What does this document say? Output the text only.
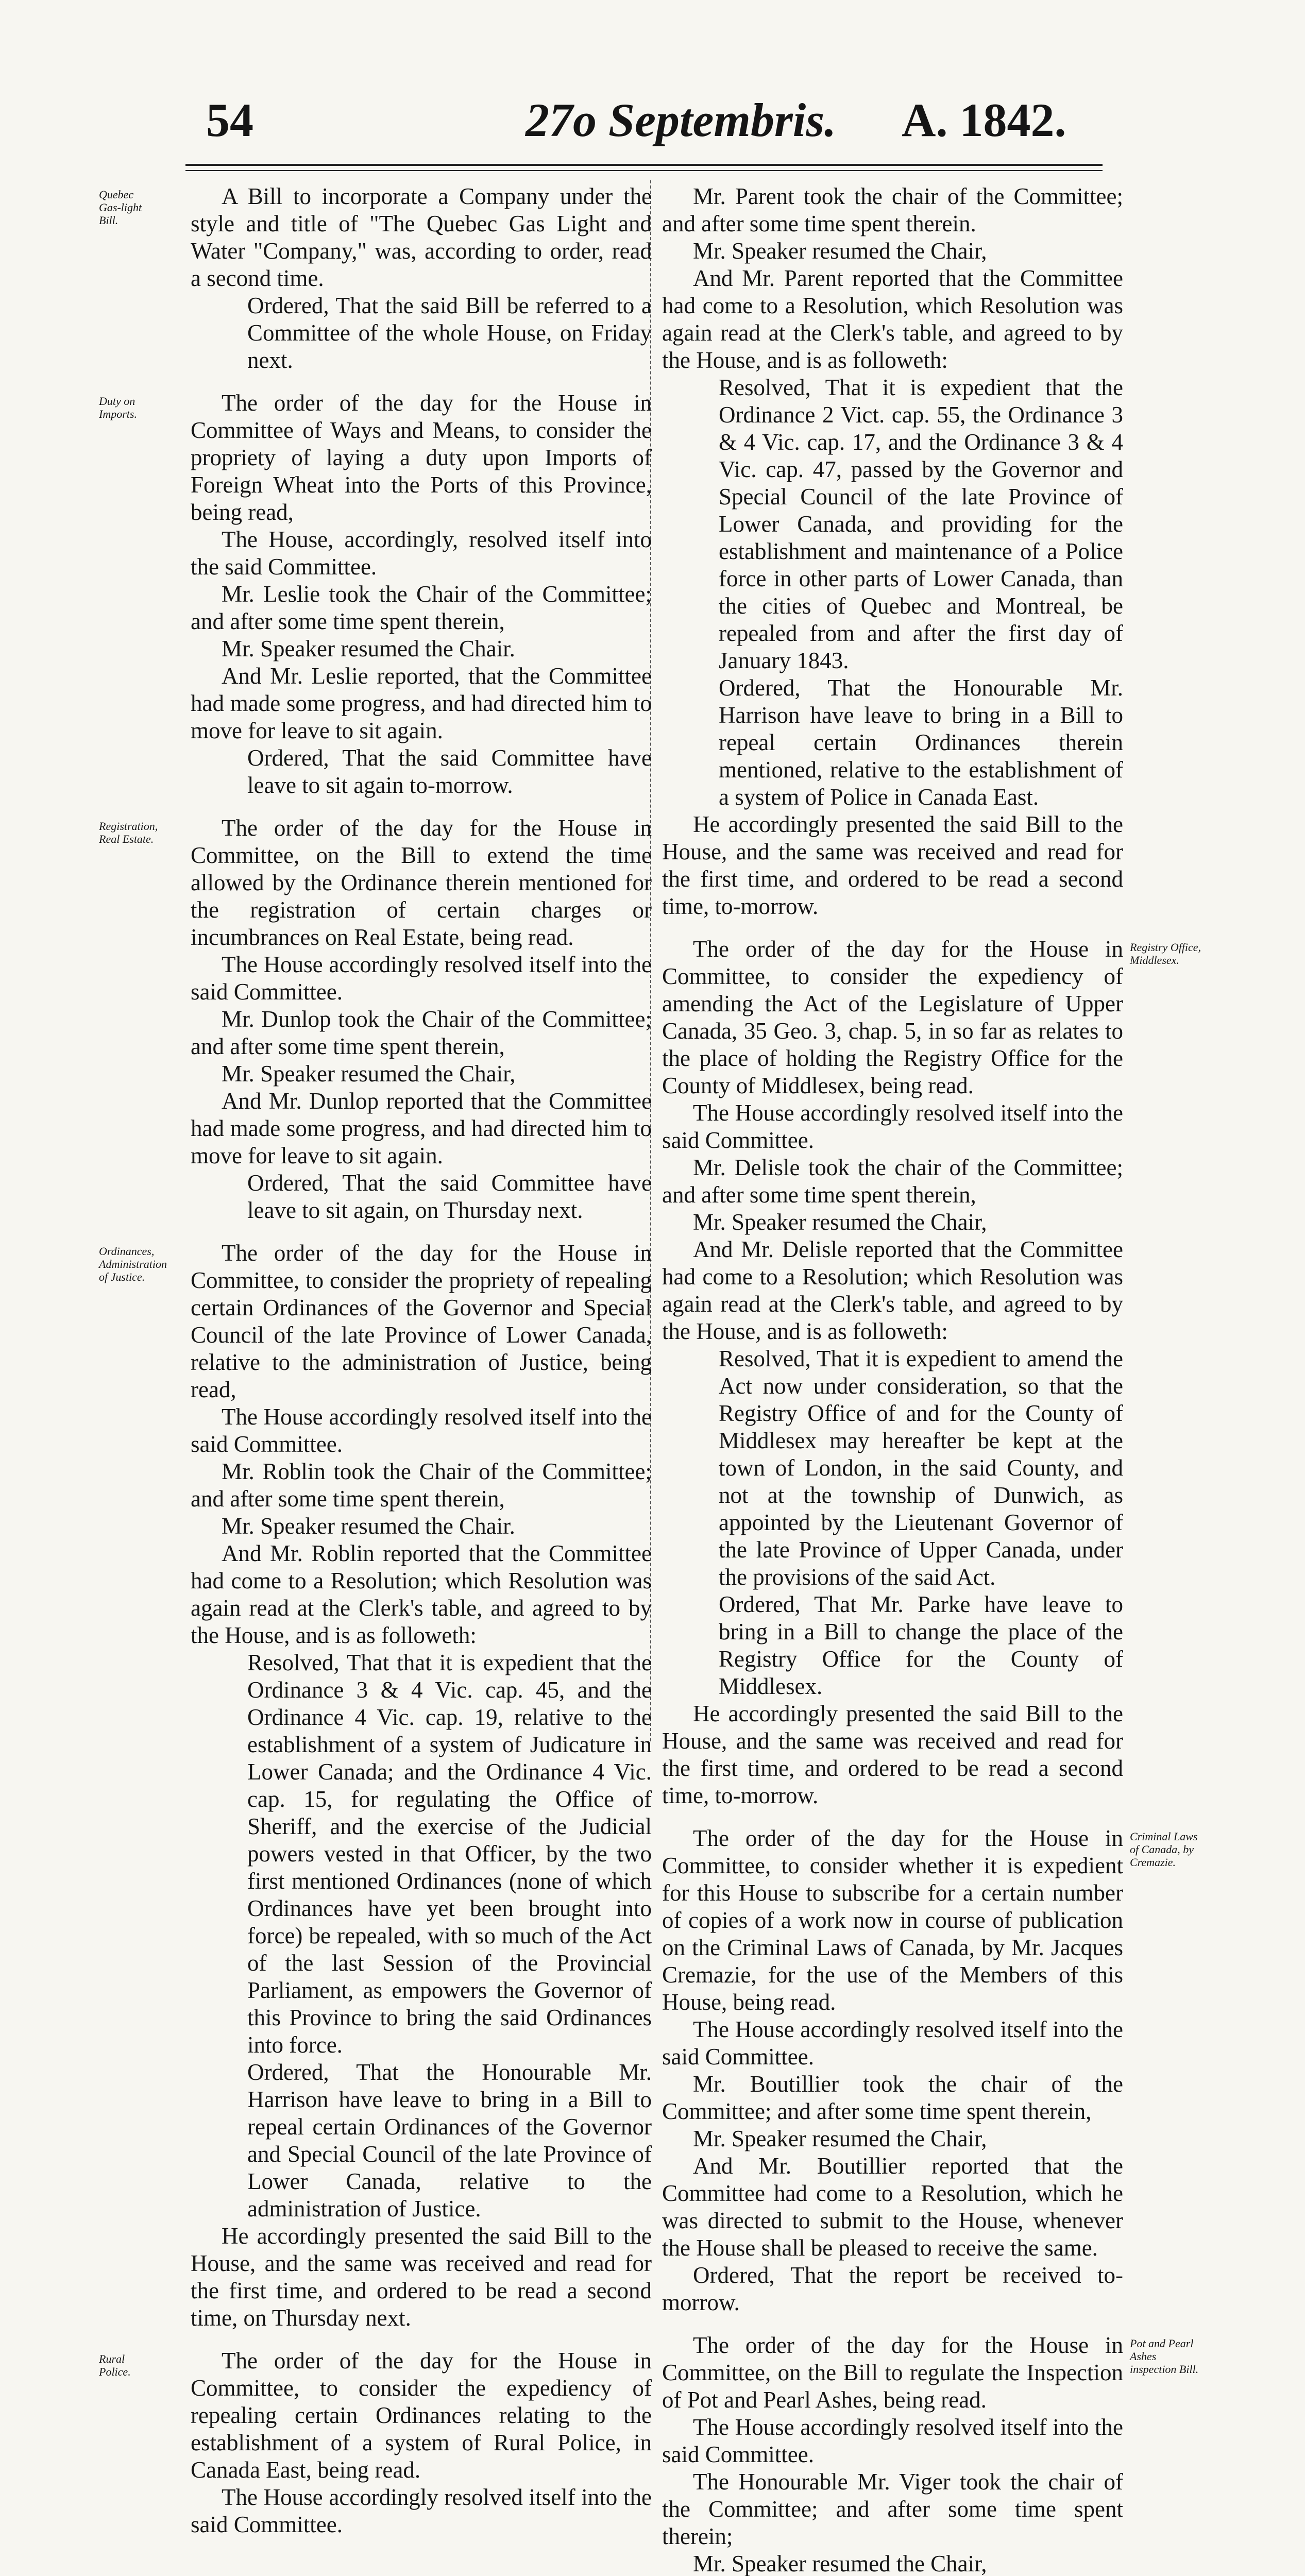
54	27o Septembris. A. 1842.
Quebec Gas-light Bill.

A Bill to incorporate a Company under the style and title of "The Quebec Gas Light and Water "Company," was, according to order, read a second time.

Ordered, That the said Bill be referred to a Committee of the whole House, on Friday next.

Duty on Imports.	The order of the day for the House in Committee of Ways and Means, to consider the propriety of laying a duty upon Imports of Foreign Wheat into the Ports of this Province, being read,

The House, accordingly, resolved itself into the said Committee.

Mr. Leslie took the Chair of the Committee; and after some time spent therein,

Mr. Speaker resumed the Chair.

And Mr. Leslie reported, that the Committee had made some progress, and had directed him to move for leave to sit again.

Ordered, That the said Committee have leave to sit again to-morrow.

Registration, Real Estate.	The order of the day for the House in Committee, on the Bill to extend the time allowed by the Ordinance therein mentioned for the registration of certain charges or incumbrances on Real Estate, being read.

The House accordingly resolved itself into the said Committee.

Mr. Dunlop took the Chair of the Committee; and after some time spent therein,

Mr. Speaker resumed the Chair,

And Mr. Dunlop reported that the Committee had made some progress, and had directed him to move for leave to sit again.

Ordered, That the said Committee have leave to sit again, on Thursday next.

Ordinances, Administration of Justice.

The order of the day for the House in Committee, to consider the propriety of repealing certain Ordinances of the Governor and Special Council of the late Province of Lower Canada, relative to the administration of Justice, being read,

The House accordingly resolved itself into the said Committee.

Mr. Roblin took the Chair of the Committee; and after some time spent therein,

Mr. Speaker resumed the Chair.

And Mr. Roblin reported that the Committee had come to a Resolution; which Resolution was again read at the Clerk's table, and agreed to by the House, and is as followeth:

Resolved, That that it is expedient that the Ordinance 3 & 4 Vic. cap. 45, and the Ordinance 4 Vic. cap. 19, relative to the establishment of a system of Judicature in Lower Canada; and the Ordinance 4 Vic. cap. 15, for regulating the Office of Sheriff, and the exercise of the Judicial powers vested in that Officer, by the two first mentioned Ordinances (none of which Ordinances have yet been brought into force) be repealed, with so much of the Act of the last Session of the Provincial Parliament, as empowers the Governor of this Province to bring the said Ordinances into force.

Ordered, That the Honourable Mr. Harrison have leave to bring in a Bill to repeal certain Ordinances of the Governor and Special Council of the late Province of Lower Canada, relative to the administration of Justice.

He accordingly presented the said Bill to the House, and the same was received and read for the first time, and ordered to be read a second time, on Thursday next.

Rural Police.	The order of the day for the House in Committee, to consider the expediency of repealing certain Ordinances relating to the establishment of a system of Rural Police, in Canada East, being read.

The House accordingly resolved itself into the said Committee.

Mr. Parent took the chair of the Committee; and after some time spent therein.

Mr. Speaker resumed the Chair,

And Mr. Parent reported that the Committee had come to a Resolution, which Resolution was again read at the Clerk's table, and agreed to by the House, and is as followeth:

Resolved, That it is expedient that the Ordinance 2 Vict. cap. 55, the Ordinance 3 & 4 Vic. cap. 17, and the Ordinance 3 & 4 Vic. cap. 47, passed by the Governor and Special Council of the late Province of Lower Canada, and providing for the establishment and maintenance of a Police force in other parts of Lower Canada, than the cities of Quebec and Montreal, be repealed from and after the first day of January 1843.

Ordered, That the Honourable Mr. Harrison have leave to bring in a Bill to repeal certain Ordinances therein mentioned, relative to the establishment of a system of Police in Canada East.

He accordingly presented the said Bill to the House, and the same was received and read for the first time, and ordered to be read a second time, to-morrow.

Registry Office, Middlesex.

The order of the day for the House in Committee, to consider the expediency of amending the Act of the Legislature of Upper Canada, 35 Geo. 3, chap. 5, in so far as relates to the place of holding the Registry Office for the County of Middlesex, being read.

The House accordingly resolved itself into the said Committee.

Mr. Delisle took the chair of the Committee; and after some time spent therein,

Mr. Speaker resumed the Chair,

And Mr. Delisle reported that the Committee had come to a Resolution; which Resolution was again read at the Clerk's table, and agreed to by the House, and is as followeth:

Resolved, That it is expedient to amend the Act now under consideration, so that the Registry Office of and for the County of Middlesex may hereafter be kept at the town of London, in the said County, and not at the township of Dunwich, as appointed by the Lieutenant Governor of the late Province of Upper Canada, under the provisions of the said Act.

Ordered, That Mr. Parke have leave to bring in a Bill to change the place of the Registry Office for the County of Middlesex.

He accordingly presented the said Bill to the House, and the same was received and read for the first time, and ordered to be read a second time, to-morrow.

Criminal Laws of Canada, by Cremazie.

The order of the day for the House in Committee, to consider whether it is expedient for this House to subscribe for a certain number of copies of a work now in course of publication on the Criminal Laws of Canada, by Mr. Jacques Cremazie, for the use of the Members of this House, being read.

The House accordingly resolved itself into the said Committee.

Mr. Boutillier took the chair of the Committee; and after some time spent therein,

Mr. Speaker resumed the Chair,

And Mr. Boutillier reported that the Committee had come to a Resolution, which he was directed to submit to the House, whenever the House shall be pleased to receive the same.

Ordered, That the report be received to-morrow.

Pot and Pearl Ashes inspection Bill.

The order of the day for the House in Committee, on the Bill to regulate the Inspection of Pot and Pearl Ashes, being read.

The House accordingly resolved itself into the said Committee.

The Honourable Mr. Viger took the chair of the Committee; and after some time spent therein;

Mr. Speaker resumed the Chair,
